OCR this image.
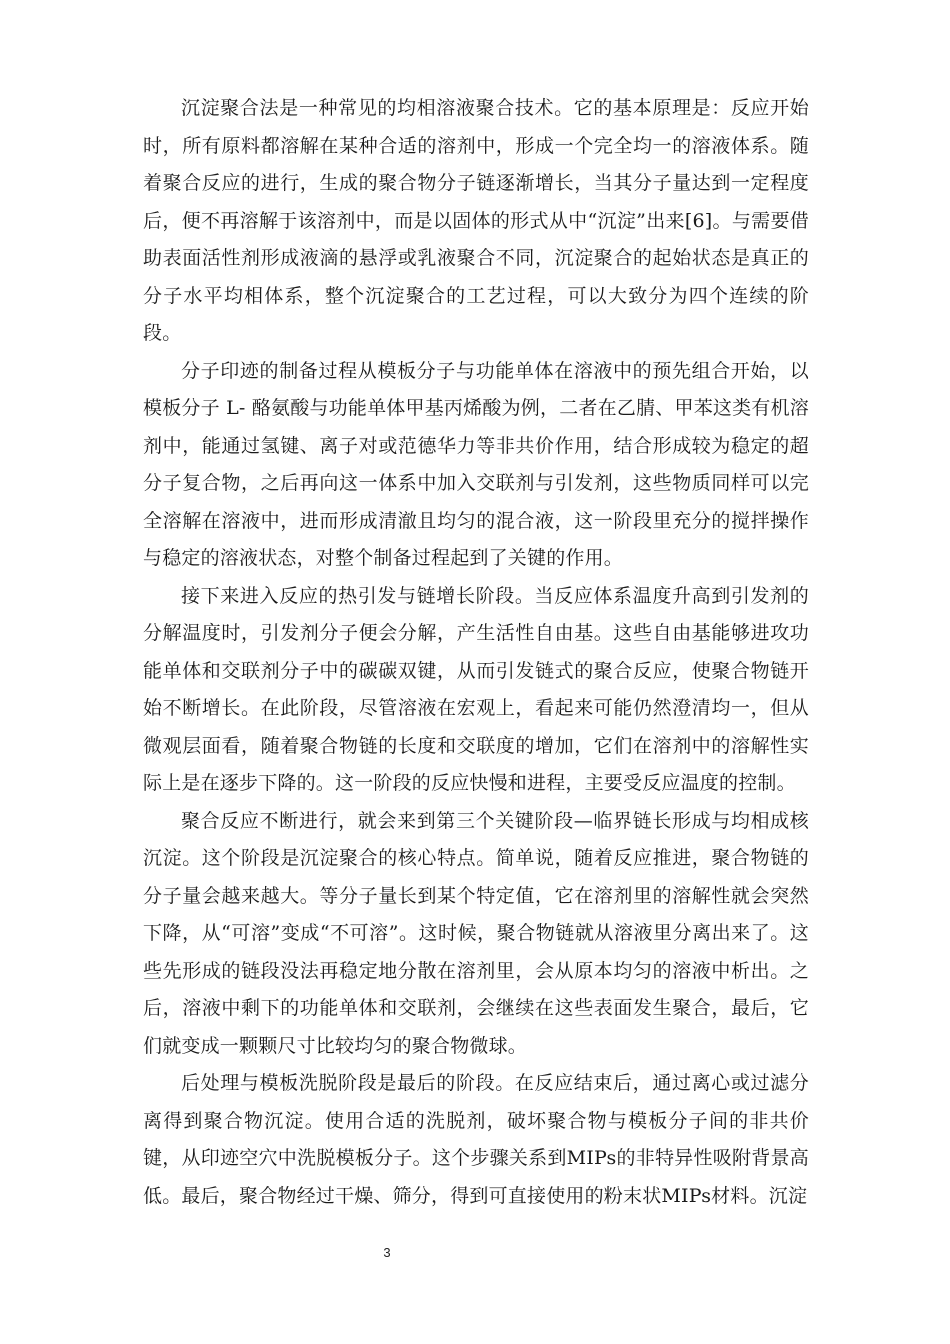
沉淀聚合法是一种常见的均相溶液聚合技术。它的基本原理是：反应开始时，所有原料都溶解在某种合适的溶剂中，形成一个完全均一的溶液体系。随着聚合反应的进行，生成的聚合物分子链逐渐增长，当其分子量达到一定程度后，便不再溶解于该溶剂中，而是以固体的形式从中“沉淀”出来[6]。与需要借助表面活性剂形成液滴的悬浮或乳液聚合不同，沉淀聚合的起始状态是真正的分子水平均相体系，整个沉淀聚合的工艺过程，可以大致分为四个连续的阶段。

分子印迹的制备过程从模板分子与功能单体在溶液中的预先组合开始，以模板分子 L- 酪氨酸与功能单体甲基丙烯酸为例，二者在乙腈、甲苯这类有机溶剂中，能通过氢键、离子对或范德华力等非共价作用，结合形成较为稳定的超分子复合物，之后再向这一体系中加入交联剂与引发剂，这些物质同样可以完全溶解在溶液中，进而形成清澈且均匀的混合液，这一阶段里充分的搅拌操作与稳定的溶液状态，对整个制备过程起到了关键的作用。

接下来进入反应的热引发与链增长阶段。当反应体系温度升高到引发剂的分解温度时，引发剂分子便会分解，产生活性自由基。这些自由基能够进攻功能单体和交联剂分子中的碳碳双键，从而引发链式的聚合反应，使聚合物链开始不断增长。在此阶段，尽管溶液在宏观上，看起来可能仍然澄清均一，但从微观层面看，随着聚合物链的长度和交联度的增加，它们在溶剂中的溶解性实际上是在逐步下降的。这一阶段的反应快慢和进程，主要受反应温度的控制。

聚合反应不断进行，就会来到第三个关键阶段—临界链长形成与均相成核沉淀。这个阶段是沉淀聚合的核心特点。简单说，随着反应推进，聚合物链的分子量会越来越大。等分子量长到某个特定值，它在溶剂里的溶解性就会突然下降，从“可溶”变成“不可溶”。这时候，聚合物链就从溶液里分离出来了。这些先形成的链段没法再稳定地分散在溶剂里，会从原本均匀的溶液中析出。之后，溶液中剩下的功能单体和交联剂，会继续在这些表面发生聚合，最后，它们就变成一颗颗尺寸比较均匀的聚合物微球。

后处理与模板洗脱阶段是最后的阶段。在反应结束后，通过离心或过滤分离得到聚合物沉淀。使用合适的洗脱剂，破坏聚合物与模板分子间的非共价键，从印迹空穴中洗脱模板分子。这个步骤关系到MIPs的非特异性吸附背景高低。最后，聚合物经过干燥、筛分，得到可直接使用的粉末状MIPs材料。沉淀

3
